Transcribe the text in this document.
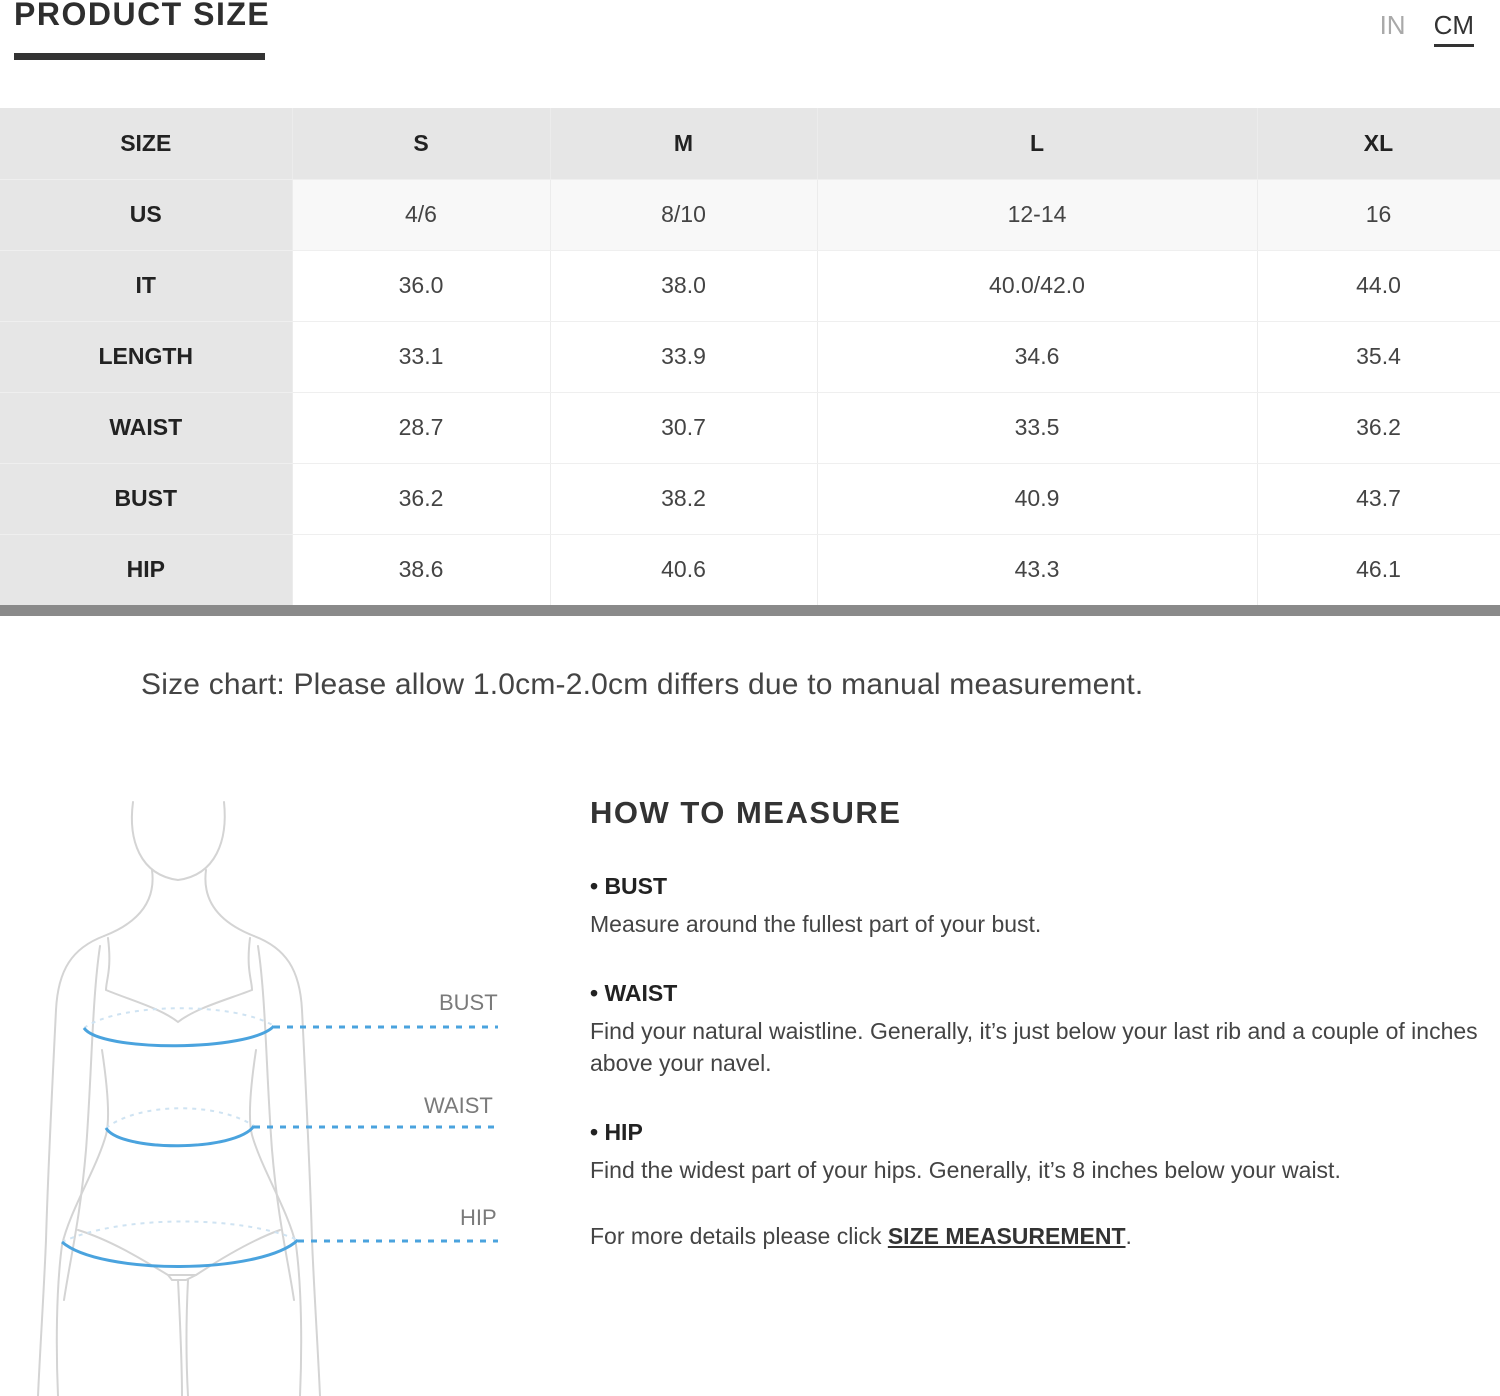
PRODUCT SIZE	IN CM
SIZE	S	M	L	XL
US	4/6	8/10	12-14	16
IT	36.0	38.0	40.0/42.0	44.0
LENGTH	33.1	33.9	34.6	35.4
WAIST	28.7	30.7	33.5	36.2
BUST	36.2	38.2	40.9	43.7
HIP	38.6	40.6	43.3	46.1
Size chart: Please allow 1.0cm-2.0cm differs due to manual measurement.
BUST
WAIST
HIP
HOW TO MEASURE
• BUST
Measure around the fullest part of your bust.
• WAIST
Find your natural waistline. Generally, it’s just below your last rib and a couple of inches above your navel.
• HIP
Find the widest part of your hips. Generally, it’s 8 inches below your waist.
For more details please click SIZE MEASUREMENT.
